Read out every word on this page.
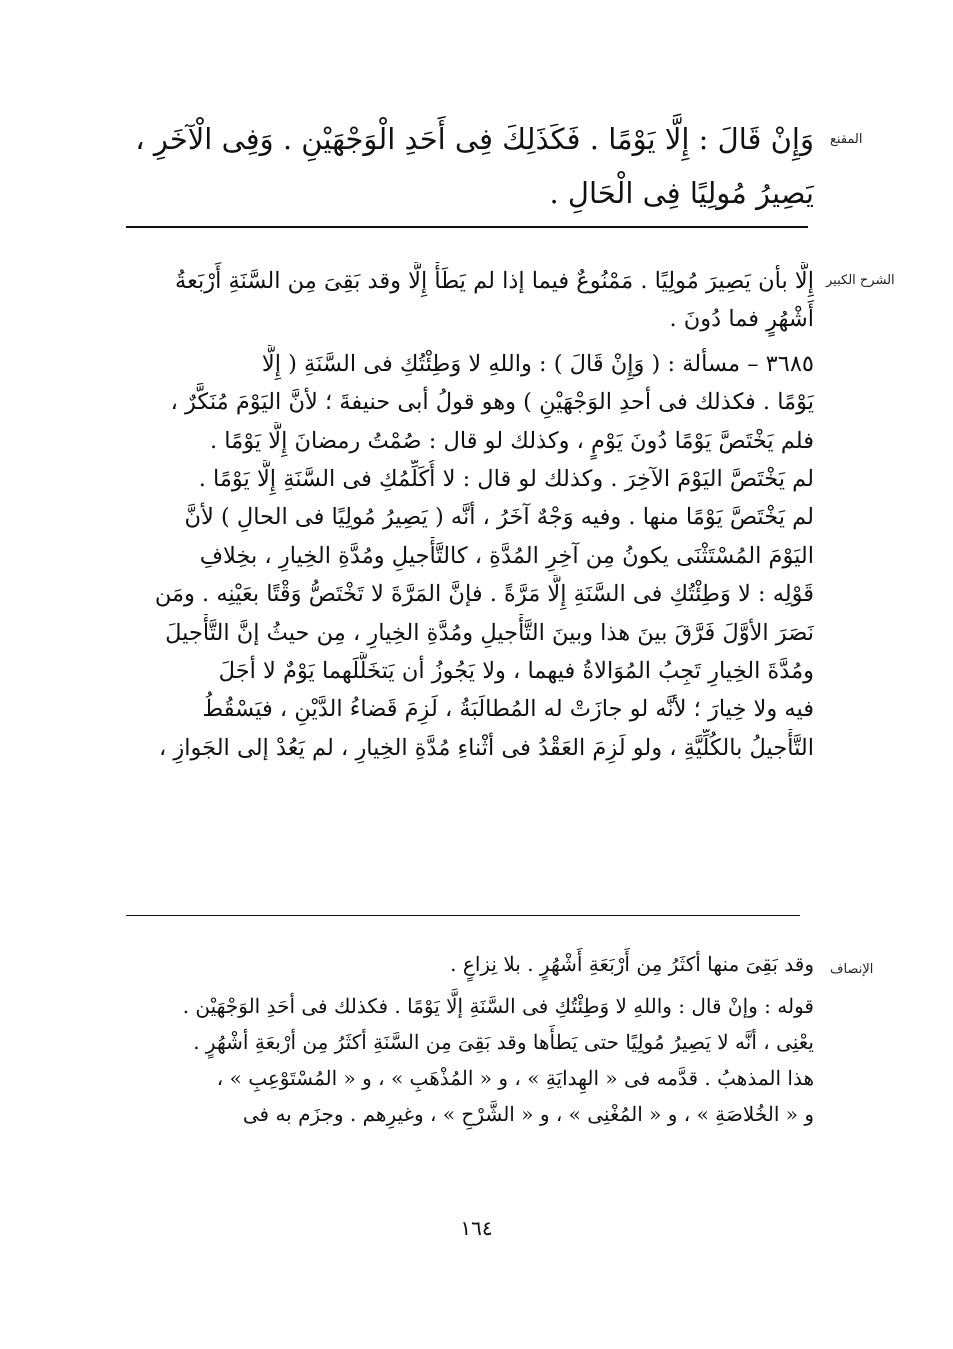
المقنع
وَإِنْ قَالَ : إِلَّا يَوْمًا . فَكَذَلِكَ فِى أَحَدِ الْوَجْهَيْنِ . وَفِى الْآخَرِ ،
يَصِيرُ مُولِيًا فِى الْحَالِ .
الشرح الكبير
إِلَّا بأن يَصِيرَ مُولِيًا . مَمْنُوعٌ فيما إذا لم يَطَأْ إِلَّا وقد بَقِىَ مِن السَّنَةِ أَرْبَعةُ
أَشْهُرٍ فما دُونَ .
٣٦٨٥ – مسألة : ( وَإِنْ قَالَ ) : واللهِ لا وَطِئْتُكِ فى السَّنَةِ ( إِلَّا
يَوْمًا . فكذلك فى أحدِ الوَجْهَيْنِ ) وهو قولُ أبى حنيفةَ ؛ لأنَّ اليَوْمَ مُنَكَّرٌ ،
فلم يَخْتَصَّ يَوْمًا دُونَ يَوْمٍ ، وكذلك لو قال : صُمْتُ رمضانَ إِلَّا يَوْمًا .
لم يَخْتَصَّ اليَوْمَ الآخِرَ . وكذلك لو قال : لا أُكَلِّمُكِ فى السَّنَةِ إِلَّا يَوْمًا .
لم يَخْتَصَّ يَوْمًا منها . وفيه وَجْهٌ آخَرُ ، أنَّه ( يَصِيرُ مُولِيًا فى الحالِ ) لأنَّ
اليَوْمَ المُسْتَثْنَى يكونُ مِن آخِرِ المُدَّةِ ، كالتَّأْجيلِ ومُدَّةِ الخِيارِ ، بخِلافِ
قَوْلِه : لا وَطِئْتُكِ فى السَّنَةِ إِلَّا مَرَّةً . فإنَّ المَرَّةَ لا تَخْتَصُّ وَقْتًا بعَيْنِه . ومَن
نَصَرَ الأوَّلَ فَرَّقَ بينَ هذا وبينَ التَّأْجيلِ ومُدَّةِ الخِيارِ ، مِن حيثُ إنَّ التَّأْجيلَ
ومُدَّةَ الخِيارِ تَجِبُ المُوَالاةُ فيهما ، ولا يَجُوزُ أن يَتخَلَّلَهما يَوْمٌ لا أجَلَ
فيه ولا خِيارَ ؛ لأنَّه لو جازَتْ له المُطالَبَةُ ، لَزِمَ قَضاءُ الدَّيْنِ ، فيَسْقُطُ
التَّأْجيلُ بالكُلِّيَّةِ ، ولو لَزِمَ العَقْدُ فى أثْناءِ مُدَّةِ الخِيارِ ، لم يَعُدْ إلى الجَوازِ ،
الإنصاف
وقد بَقِىَ منها أكثَرُ مِن أَرْبَعَةِ أَشْهُرٍ . بلا نِزاعٍ .
قوله : وإنْ قال : واللهِ لا وَطِئْتُكِ فى السَّنَةِ إلَّا يَوْمًا . فكذلك فى أحَدِ الوَجْهَيْن .
يعْنِى ، أنَّه لا يَصِيرُ مُولِيًا حتى يَطأَها وقد بَقِىَ مِن السَّنَةِ أكثَرُ مِن أرْبعَةِ أشْهُرٍ .
هذا المذهبُ . قدَّمه فى « الهِدايَةِ » ، و « المُذْهَبِ » ، و « المُسْتَوْعِبِ » ،
و « الخُلاصَةِ » ، و « المُغْنِى » ، و « الشَّرْحِ » ، وغيرِهم . وجزَم به فى
١٦٤
